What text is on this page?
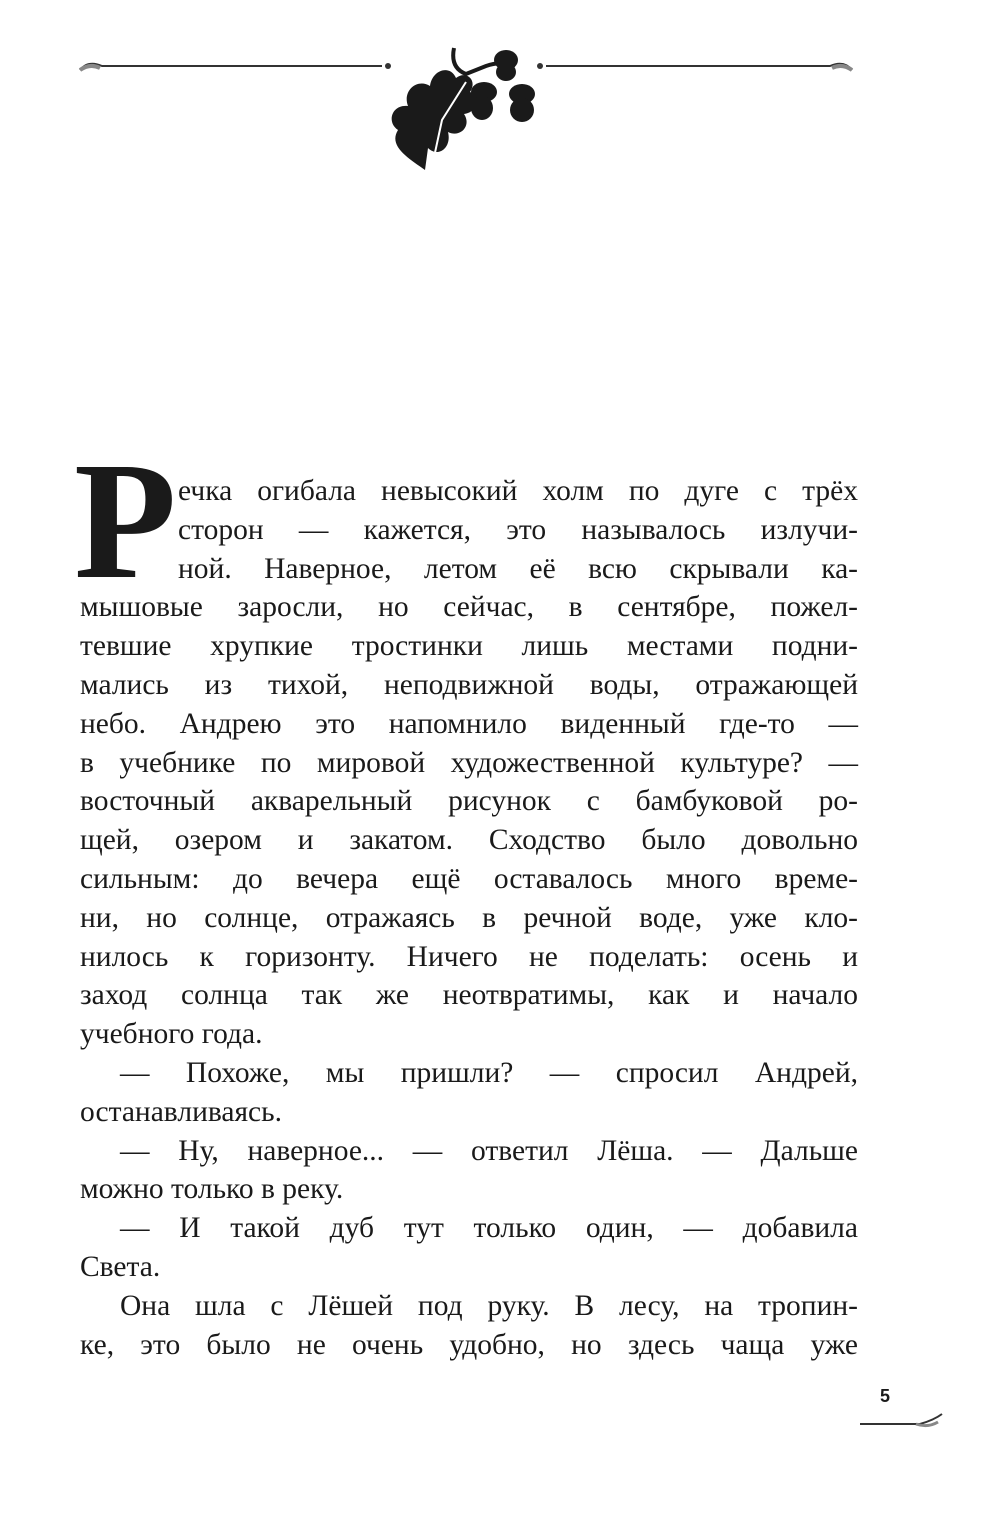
Р ечка огибала невысокий холм по дуге с трёх
сторон — кажется, это называлось излучи-
ной. Наверное, летом её всю скрывали ка-
мышовые заросли, но сейчас, в сентябре, пожел-
тевшие хрупкие тростинки лишь местами подни-
мались из тихой, неподвижной воды, отражающей
небо. Андрею это напомнило виденный где-то —
в учебнике по мировой художественной культуре? —
восточный акварельный рисунок с бамбуковой ро-
щей, озером и закатом. Сходство было довольно
сильным: до вечера ещё оставалось много време-
ни, но солнце, отражаясь в речной воде, уже кло-
нилось к горизонту. Ничего не поделать: осень и
заход солнца так же неотвратимы, как и начало
учебного года.
— Похоже, мы пришли? — спросил Андрей,
останавливаясь.
— Ну, наверное... — ответил Лёша. — Дальше
можно только в реку.
— И такой дуб тут только один, — добавила
Света.
Она шла с Лёшей под руку. В лесу, на тропин-
ке, это было не очень удобно, но здесь чаща уже
5
